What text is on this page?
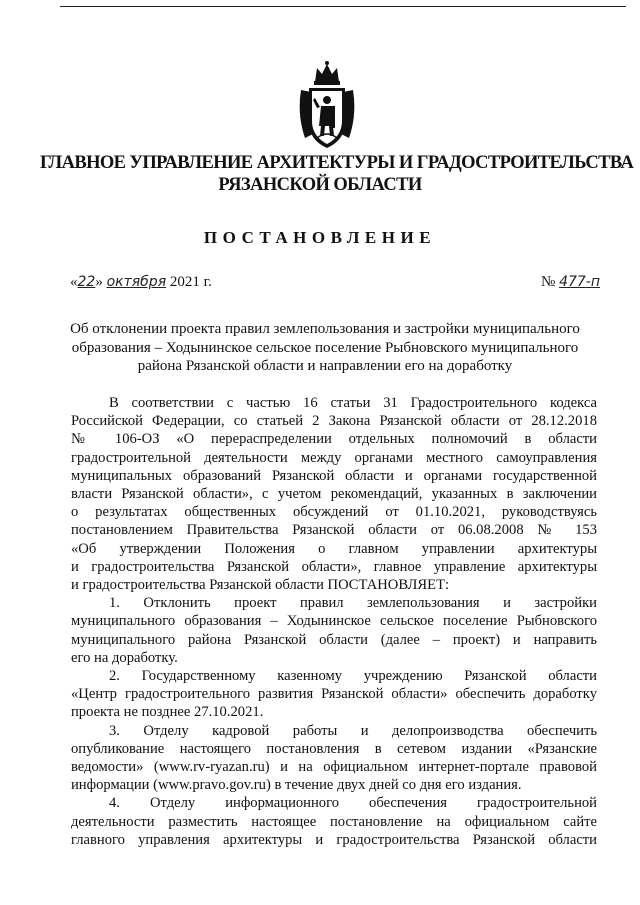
ГЛАВНОЕ УПРАВЛЕНИЕ АРХИТЕКТУРЫ И ГРАДОСТРОИТЕЛЬСТВА
РЯЗАНСКОЙ ОБЛАСТИ
ПОСТАНОВЛЕНИЕ
«22» октября 2021 г.	№ 477-п
Об отклонении проекта правил землепользования и застройки муниципального
образования – Ходынинское сельское поселение Рыбновского муниципального
района Рязанской области и направлении его на доработку
В соответствии с частью 16 статьи 31 Градостроительного кодекса
Российской Федерации, со статьей 2 Закона Рязанской области от 28.12.2018
№ 106-ОЗ «О перераспределении отдельных полномочий в области
градостроительной деятельности между органами местного самоуправления
муниципальных образований Рязанской области и органами государственной
власти Рязанской области», с учетом рекомендаций, указанных в заключении
о результатах общественных обсуждений от 01.10.2021, руководствуясь
постановлением Правительства Рязанской области от 06.08.2008 № 153
«Об утверждении Положения о главном управлении архитектуры
и градостроительства Рязанской области», главное управление архитектуры
и градостроительства Рязанской области ПОСТАНОВЛЯЕТ:
1. Отклонить проект правил землепользования и застройки
муниципального образования – Ходынинское сельское поселение Рыбновского
муниципального района Рязанской области (далее – проект) и направить
его на доработку.
2. Государственному казенному учреждению Рязанской области
«Центр градостроительного развития Рязанской области» обеспечить доработку
проекта не позднее 27.10.2021.
3. Отделу кадровой работы и делопроизводства обеспечить
опубликование настоящего постановления в сетевом издании «Рязанские
ведомости» (www.rv-ryazan.ru) и на официальном интернет-портале правовой
информации (www.pravo.gov.ru) в течение двух дней со дня его издания.
4. Отделу информационного обеспечения градостроительной
деятельности разместить настоящее постановление на официальном сайте
главного управления архитектуры и градостроительства Рязанской области
